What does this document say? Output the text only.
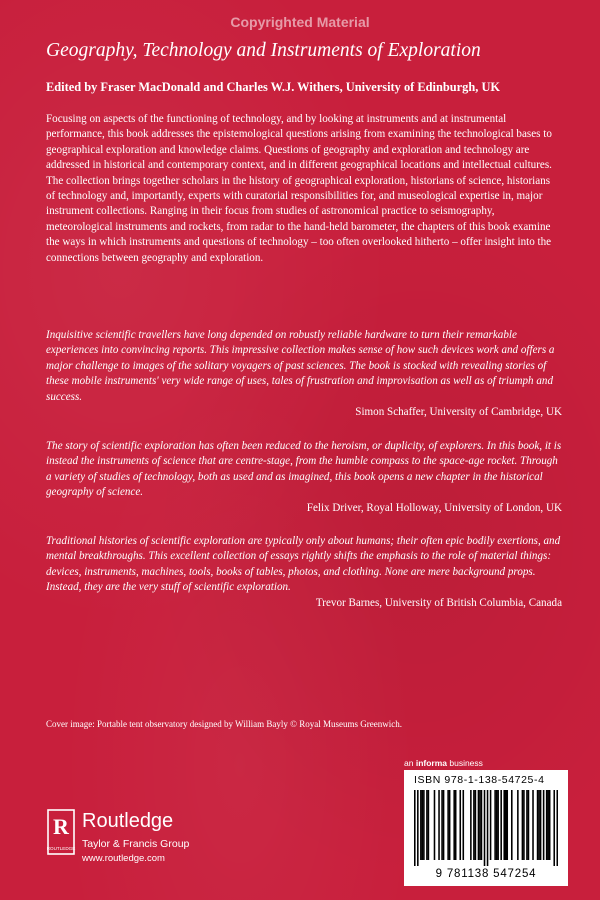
Copyrighted Material
Geography, Technology and Instruments of Exploration
Edited by Fraser MacDonald and Charles W.J. Withers, University of Edinburgh, UK
Focusing on aspects of the functioning of technology, and by looking at instruments and at instrumental performance, this book addresses the epistemological questions arising from examining the technological bases to geographical exploration and knowledge claims. Questions of geography and exploration and technology are addressed in historical and contemporary context, and in different geographical locations and intellectual cultures. The collection brings together scholars in the history of geographical exploration, historians of science, historians of technology and, importantly, experts with curatorial responsibilities for, and museological expertise in, major instrument collections. Ranging in their focus from studies of astronomical practice to seismography, meteorological instruments and rockets, from radar to the hand-held barometer, the chapters of this book examine the ways in which instruments and questions of technology – too often overlooked hitherto – offer insight into the connections between geography and exploration.
Inquisitive scientific travellers have long depended on robustly reliable hardware to turn their remarkable experiences into convincing reports. This impressive collection makes sense of how such devices work and offers a major challenge to images of the solitary voyagers of past sciences. The book is stocked with revealing stories of these mobile instruments' very wide range of uses, tales of frustration and improvisation as well as of triumph and success.
Simon Schaffer, University of Cambridge, UK
The story of scientific exploration has often been reduced to the heroism, or duplicity, of explorers. In this book, it is instead the instruments of science that are centre-stage, from the humble compass to the space-age rocket. Through a variety of studies of technology, both as used and as imagined, this book opens a new chapter in the historical geography of science.
Felix Driver, Royal Holloway, University of London, UK
Traditional histories of scientific exploration are typically only about humans; their often epic bodily exertions, and mental breakthroughs. This excellent collection of essays rightly shifts the emphasis to the role of material things: devices, instruments, machines, tools, books of tables, photos, and clothing. None are mere background props. Instead, they are the very stuff of scientific exploration.
Trevor Barnes, University of British Columbia, Canada
Cover image: Portable tent observatory designed by William Bayly © Royal Museums Greenwich.
an informa business
ISBN 978-1-138-54725-4
9 781138 547254
R
ROUTLEDGE
Routledge
Taylor & Francis Group
www.routledge.com
